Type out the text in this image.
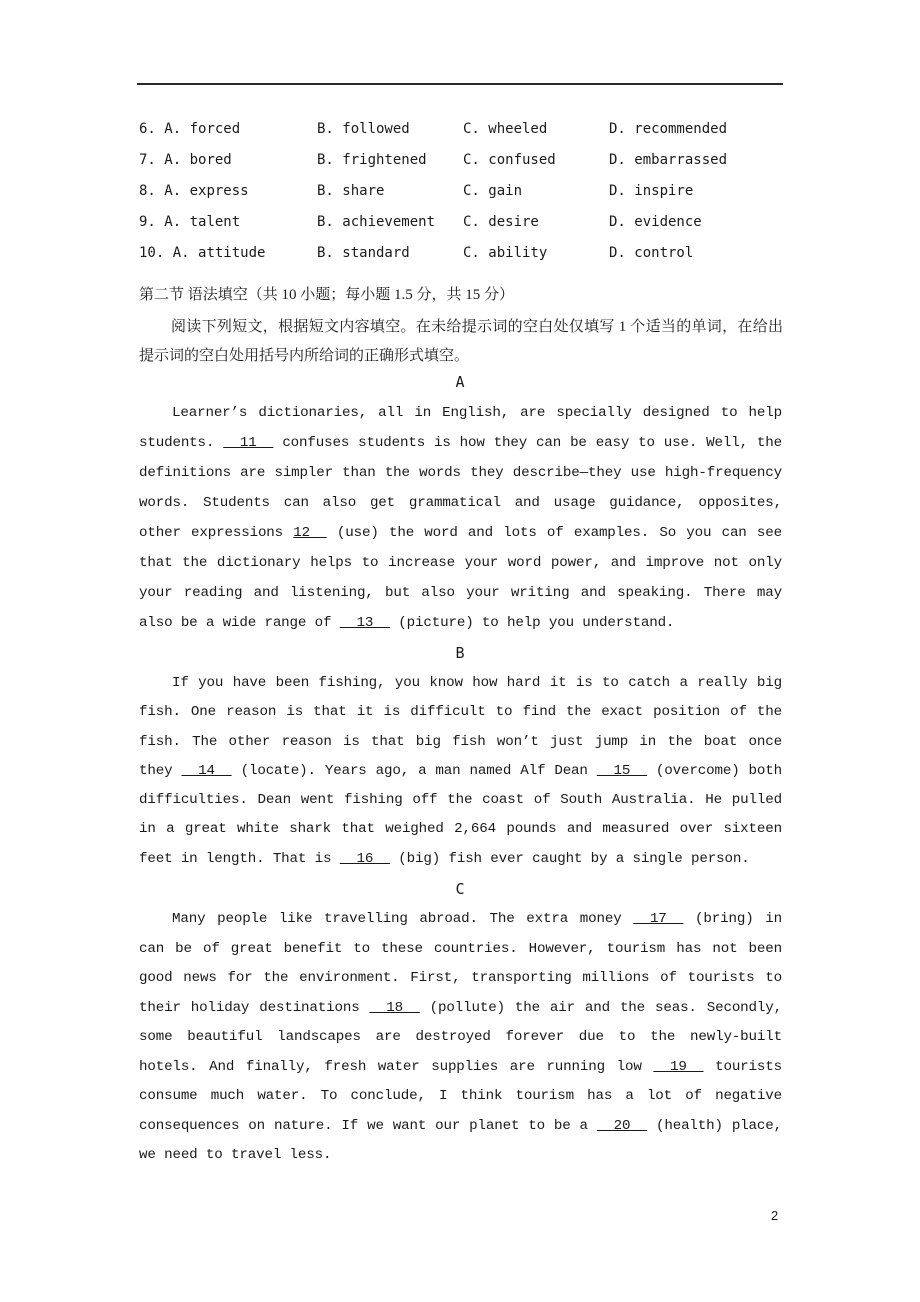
6. A. forced	B. followed	C. wheeled	D. recommended
7. A. bored	B. frightened	C. confused	D. embarrassed
8. A. express	B. share	C. gain	D. inspire
9. A. talent	B. achievement C. desire	D. evidence
10. A. attitude	B. standard	C. ability	D. control
第二节 语法填空（共 10 小题；每小题 1.5 分，共 15 分）
阅读下列短文，根据短文内容填空。在未给提示词的空白处仅填写 1 个适当的单词，在给出提示词的空白处用括号内所给词的正确形式填空。
A
Learner’s dictionaries, all in English, are specially designed to help students.   11   confuses students is how they can be easy to use. Well, the definitions are simpler than the words they describe—they use high-frequency words. Students can also get grammatical and usage guidance, opposites, other expressions 12   (use) the word and lots of examples. So you can see that the dictionary helps to increase your word power, and improve not only your reading and listening, but also your writing and speaking. There may also be a wide range of   13   (picture) to help you understand.
B
If you have been fishing, you know how hard it is to catch a really big fish. One reason is that it is difficult to find the exact position of the fish. The other reason is that big fish won’t just jump in the boat once they   14   (locate). Years ago, a man named Alf Dean   15   (overcome) both difficulties. Dean went fishing off the coast of South Australia. He pulled in a great white shark that weighed 2,664 pounds and measured over sixteen feet in length. That is   16   (big) fish ever caught by a single person.
C
Many people like travelling abroad. The extra money   17   (bring) in can be of great benefit to these countries. However, tourism has not been good news for the environment. First, transporting millions of tourists to their holiday destinations   18   (pollute) the air and the seas. Secondly, some beautiful landscapes are destroyed forever due to the newly-built hotels. And finally, fresh water supplies are running low   19   tourists consume much water. To conclude, I think tourism has a lot of negative consequences on nature. If we want our planet to be a   20   (health) place, we need to travel less.
2
